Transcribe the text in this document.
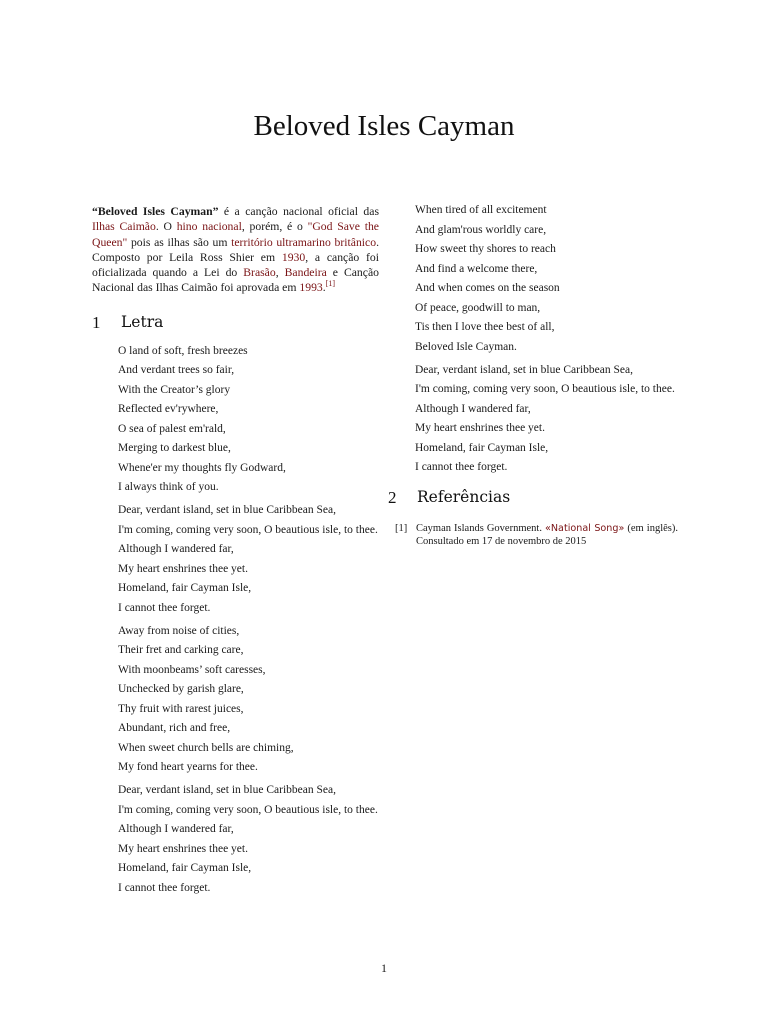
Beloved Isles Cayman

“Beloved Isles Cayman” é a canção nacional oficial das Ilhas Caimão. O hino nacional, porém, é o "God Save the Queen" pois as ilhas são um território ultramarino britânico. Composto por Leila Ross Shier em 1930, a canção foi oficializada quando a Lei do Brasão, Bandeira e Canção Nacional das Ilhas Caimão foi aprovada em 1993.[1]

1	Letra

O land of soft, fresh breezes

And verdant trees so fair,

With the Creator’s glory

Reflected ev'rywhere,

O sea of palest em'rald,

Merging to darkest blue,

Whene'er my thoughts fly Godward,

I always think of you.

Dear, verdant island, set in blue Caribbean Sea,

I'm coming, coming very soon, O beautious isle, to thee.

Although I wandered far,

My heart enshrines thee yet.

Homeland, fair Cayman Isle,

I cannot thee forget.

Away from noise of cities,

Their fret and carking care,

With moonbeams’ soft caresses,

Unchecked by garish glare,

Thy fruit with rarest juices,

Abundant, rich and free,

When sweet church bells are chiming,

My fond heart yearns for thee.

Dear, verdant island, set in blue Caribbean Sea,

I'm coming, coming very soon, O beautious isle, to thee.

Although I wandered far,

My heart enshrines thee yet.

Homeland, fair Cayman Isle,

I cannot thee forget.

When tired of all excitement

And glam'rous worldly care,

How sweet thy shores to reach

And find a welcome there,

And when comes on the season

Of peace, goodwill to man,

Tis then I love thee best of all,

Beloved Isle Cayman.

Dear, verdant island, set in blue Caribbean Sea,

I'm coming, coming very soon, O beautious isle, to thee.

Although I wandered far,

My heart enshrines thee yet.

Homeland, fair Cayman Isle,

I cannot thee forget.

2	Referências
[1] Cayman Islands Government. «National Song» (em inglês). Consultado em 17 de novembro de 2015
1
